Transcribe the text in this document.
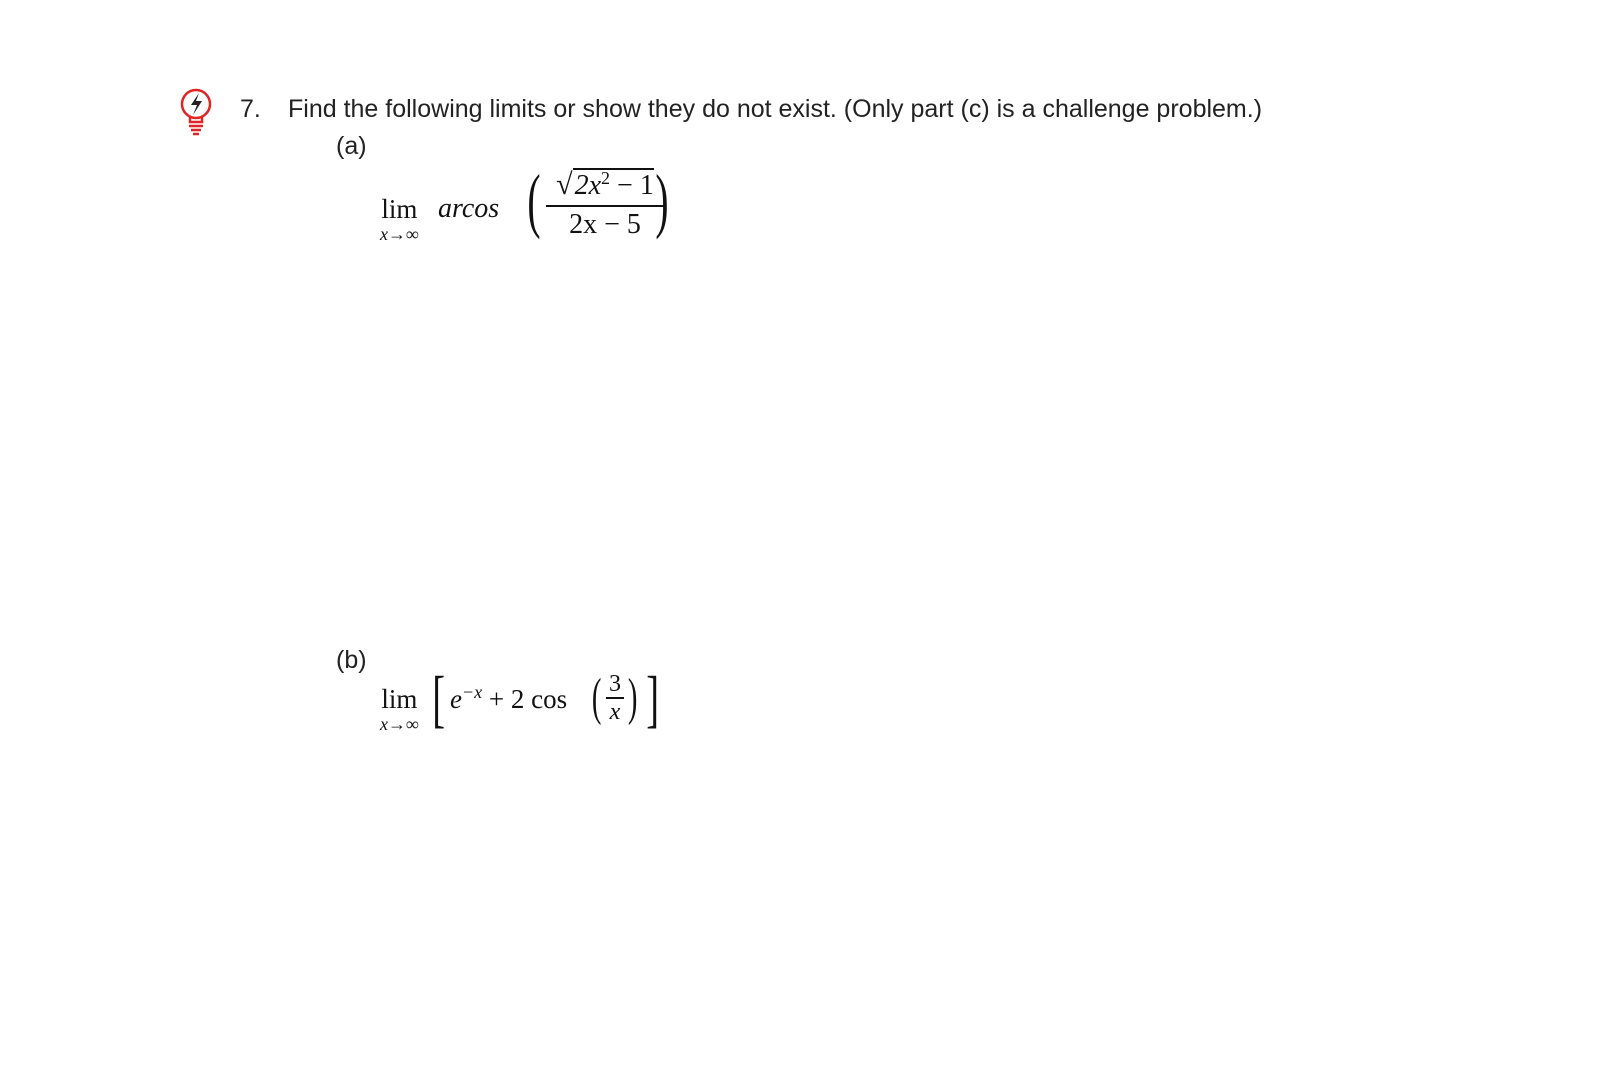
7. Find the following limits or show they do not exist. (Only part (c) is a challenge problem.)
(a)
lim
x→∞
arcos ( $√2x^2 - 1$
2x − 5 )
(b)
lim
x→∞ [ $e^{-x} + 2$ cos ( 3
x ) ]
